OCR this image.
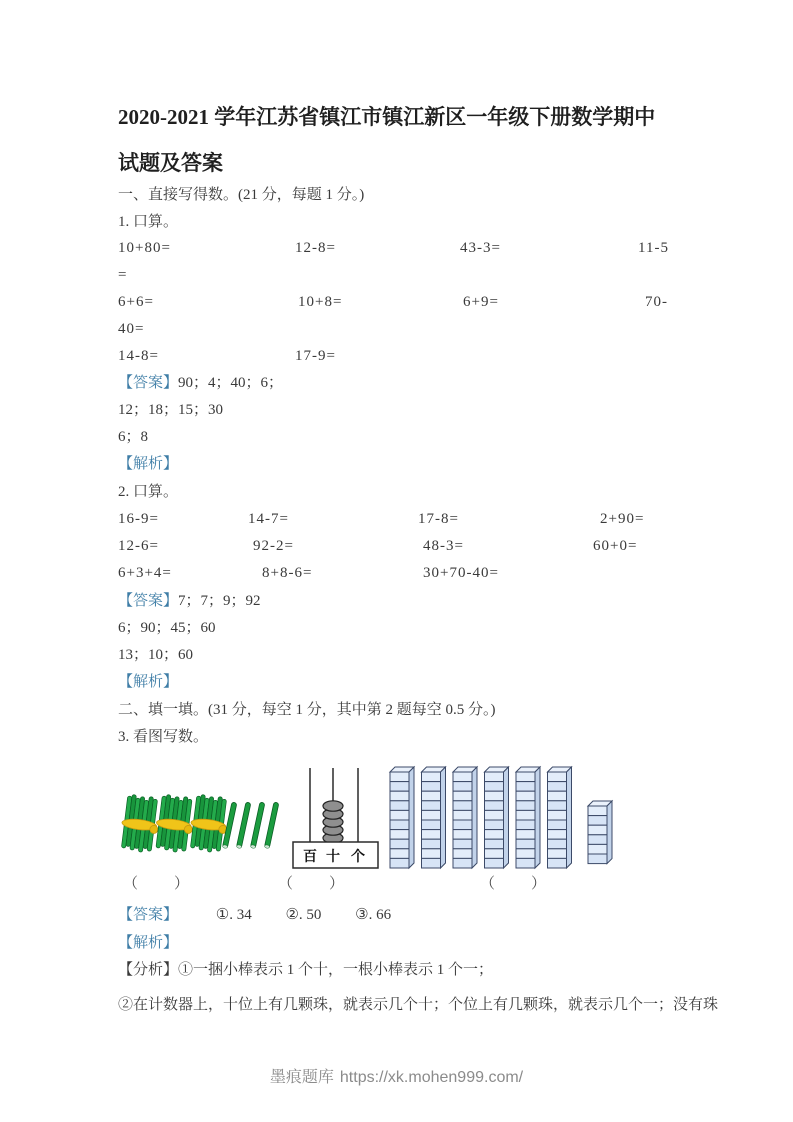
2020-2021 学年江苏省镇江市镇江新区一年级下册数学期中
试题及答案
一、直接写得数。(21 分，每题 1 分。)
1. 口算。
10+80=	12-8=	43-3=	11-5
=
6+6=	10+8=	6+9=	70-
40=
14-8=	17-9=
【答案】90；4；40；6；
12；18；15；30
6；8
【解析】
2. 口算。
16-9=	14-7=	17-8=	2+90=
12-6=	92-2=	48-3=	60+0=
6+3+4=	8+8-6=	30+70-40=
【答案】7；7；9；92
6；90；45；60
13；10；60
【解析】
二、填一填。(31 分，每空 1 分，其中第 2 题每空 0.5 分。)
3. 看图写数。
百 十 个
（　　）	（　　）	（　　）
【答案】	①. 34 ②. 50 ③. 66
【解析】
【分析】①一捆小棒表示 1 个十，一根小棒表示 1 个一；
②在计数器上，十位上有几颗珠，就表示几个十；个位上有几颗珠，就表示几个一；没有珠
墨痕题库 https://xk.mohen999.com/
